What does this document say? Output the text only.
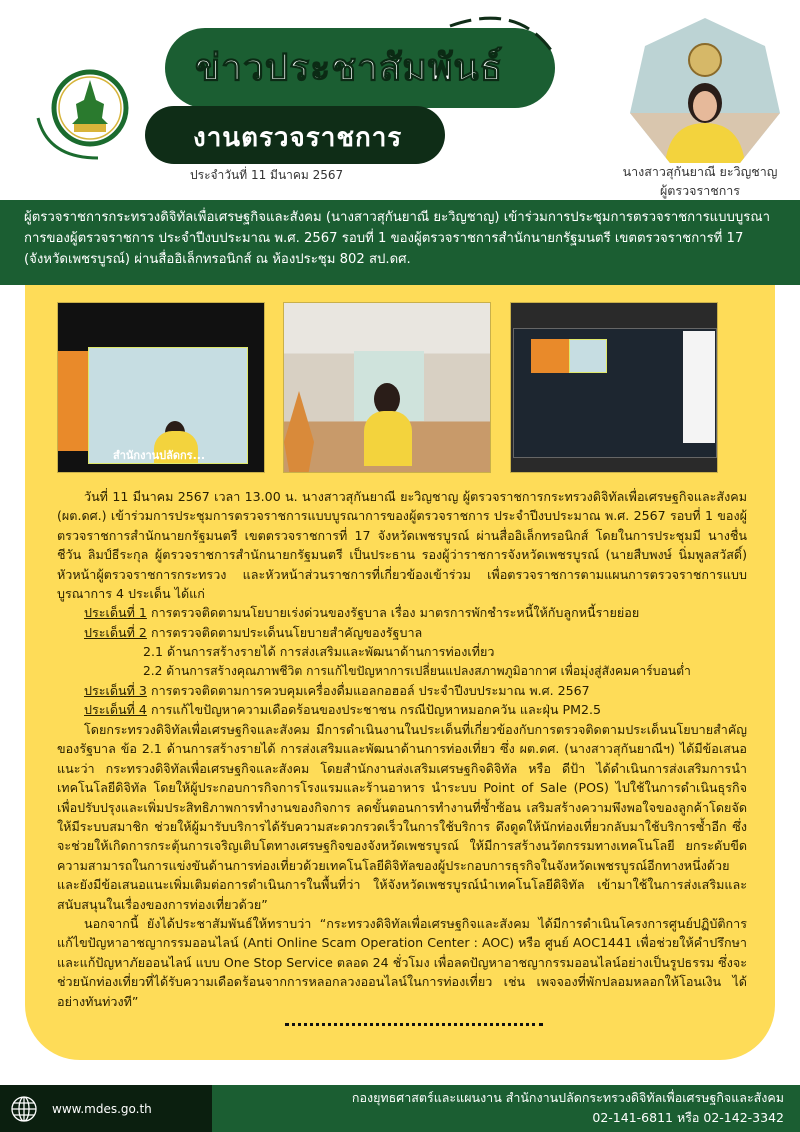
ข่าวประชาสัมพันธ์
งานตรวจราชการ
ประจำวันที่ 11 มีนาคม 2567	นางสาวสุกันยาณี ยะวิญชาญ
ผู้ตรวจราชการ
ผู้ตรวจราชการกระทรวงดิจิทัลเพื่อเศรษฐกิจและสังคม (นางสาวสุกันยาณี ยะวิญชาญ) เข้าร่วมการประชุมการตรวจราชการแบบบูรณาการของผู้ตรวจราชการ ประจำปีงบประมาณ พ.ศ. 2567 รอบที่ 1 ของผู้ตรวจราชการสำนักนายกรัฐมนตรี เขตตรวจราชการที่ 17 (จังหวัดเพชรบูรณ์) ผ่านสื่ออิเล็กทรอนิกส์ ณ ห้องประชุม 802 สป.ดศ.
สำนักงานปลัดกร...

วันที่ 11 มีนาคม 2567 เวลา 13.00 น. นางสาวสุกันยาณี ยะวิญชาญ ผู้ตรวจราชการกระทรวงดิจิทัลเพื่อเศรษฐกิจและสังคม (ผต.ดศ.) เข้าร่วมการประชุมการตรวจราชการแบบบูรณาการของผู้ตรวจราชการ ประจำปีงบประมาณ พ.ศ. 2567 รอบที่ 1 ของผู้ตรวจราชการสำนักนายกรัฐมนตรี เขตตรวจราชการที่ 17 จังหวัดเพชรบูรณ์ ผ่านสื่ออิเล็กทรอนิกส์ โดยในการประชุมมี นางชื่นชีวัน ลิมป์ธีระกุล ผู้ตรวจราชการสำนักนายกรัฐมนตรี เป็นประธาน รองผู้ว่าราชการจังหวัดเพชรบูรณ์ (นายสืบพงษ์ นิ่มพูลสวัสดิ์) หัวหน้าผู้ตรวจราชการกระทรวง และหัวหน้าส่วนราชการที่เกี่ยวข้องเข้าร่วม เพื่อตรวจราชการตามแผนการตรวจราชการแบบบูรณาการ 4 ประเด็น ได้แก่

ประเด็นที่ 1 การตรวจติดตามนโยบายเร่งด่วนของรัฐบาล เรื่อง มาตรการพักชำระหนี้ให้กับลูกหนี้รายย่อย

ประเด็นที่ 2 การตรวจติดตามประเด็นนโยบายสำคัญของรัฐบาล

2.1 ด้านการสร้างรายได้ การส่งเสริมและพัฒนาด้านการท่องเที่ยว

2.2 ด้านการสร้างคุณภาพชีวิต การแก้ไขปัญหาการเปลี่ยนแปลงสภาพภูมิอากาศ เพื่อมุ่งสู่สังคมคาร์บอนต่ำ

ประเด็นที่ 3 การตรวจติดตามการควบคุมเครื่องดื่มแอลกอฮอล์ ประจำปีงบประมาณ พ.ศ. 2567

ประเด็นที่ 4 การแก้ไขปัญหาความเดือดร้อนของประชาชน กรณีปัญหาหมอกควัน และฝุ่น PM2.5

โดยกระทรวงดิจิทัลเพื่อเศรษฐกิจและสังคม มีการดำเนินงานในประเด็นที่เกี่ยวข้องกับการตรวจติดตามประเด็นนโยบายสำคัญของรัฐบาล ข้อ 2.1 ด้านการสร้างรายได้ การส่งเสริมและพัฒนาด้านการท่องเที่ยว ซึ่ง ผต.ดศ. (นางสาวสุกันยาณีฯ) ได้มีข้อเสนอแนะว่า กระทรวงดิจิทัลเพื่อเศรษฐกิจและสังคม โดยสำนักงานส่งเสริมเศรษฐกิจดิจิทัล หรือ ดีป้า ได้ดำเนินการส่งเสริมการนำเทคโนโลยีดิจิทัล โดยให้ผู้ประกอบการกิจการโรงแรมและร้านอาหาร นำระบบ Point of Sale (POS) ไปใช้ในการดำเนินธุรกิจ เพื่อปรับปรุงและเพิ่มประสิทธิภาพการทำงานของกิจการ ลดขั้นตอนการทำงานที่ซ้ำซ้อน เสริมสร้างความพึงพอใจของลูกค้าโดยจัดให้มีระบบสมาชิก ช่วยให้ผู้มารับบริการได้รับความสะดวกรวดเร็วในการใช้บริการ ดึงดูดให้นักท่องเที่ยวกลับมาใช้บริการซ้ำอีก ซึ่งจะช่วยให้เกิดการกระตุ้นการเจริญเติบโตทางเศรษฐกิจของจังหวัดเพชรบูรณ์ ให้มีการสร้างนวัตกรรมทางเทคโนโลยี ยกระดับขีดความสามารถในการแข่งขันด้านการท่องเที่ยวด้วยเทคโนโลยีดิจิทัลของผู้ประกอบการธุรกิจในจังหวัดเพชรบูรณ์อีกทางหนึ่งด้วย และยังมีข้อเสนอแนะเพิ่มเติมต่อการดำเนินการในพื้นที่ว่า ให้จังหวัดเพชรบูรณ์นำเทคโนโลยีดิจิทัล เข้ามาใช้ในการส่งเสริมและสนับสนุนในเรื่องของการท่องเที่ยวด้วย”

นอกจากนี้ ยังได้ประชาสัมพันธ์ให้ทราบว่า “กระทรวงดิจิทัลเพื่อเศรษฐกิจและสังคม ได้มีการดำเนินโครงการศูนย์ปฏิบัติการแก้ไขปัญหาอาชญากรรมออนไลน์ (Anti Online Scam Operation Center : AOC) หรือ ศูนย์ AOC1441 เพื่อช่วยให้คำปรึกษาและแก้ปัญหาภัยออนไลน์ แบบ One Stop Service ตลอด 24 ชั่วโมง เพื่อลดปัญหาอาชญากรรมออนไลน์อย่างเป็นรูปธรรม ซึ่งจะช่วยนักท่องเที่ยวที่ได้รับความเดือดร้อนจากการหลอกลวงออนไลน์ในการท่องเที่ยว เช่น เพจจองที่พักปลอมหลอกให้โอนเงิน ได้อย่างทันท่วงที”

www.mdes.go.th
กองยุทธศาสตร์และแผนงาน สำนักงานปลัดกระทรวงดิจิทัลเพื่อเศรษฐกิจและสังคม
02-141-6811 หรือ 02-142-3342
